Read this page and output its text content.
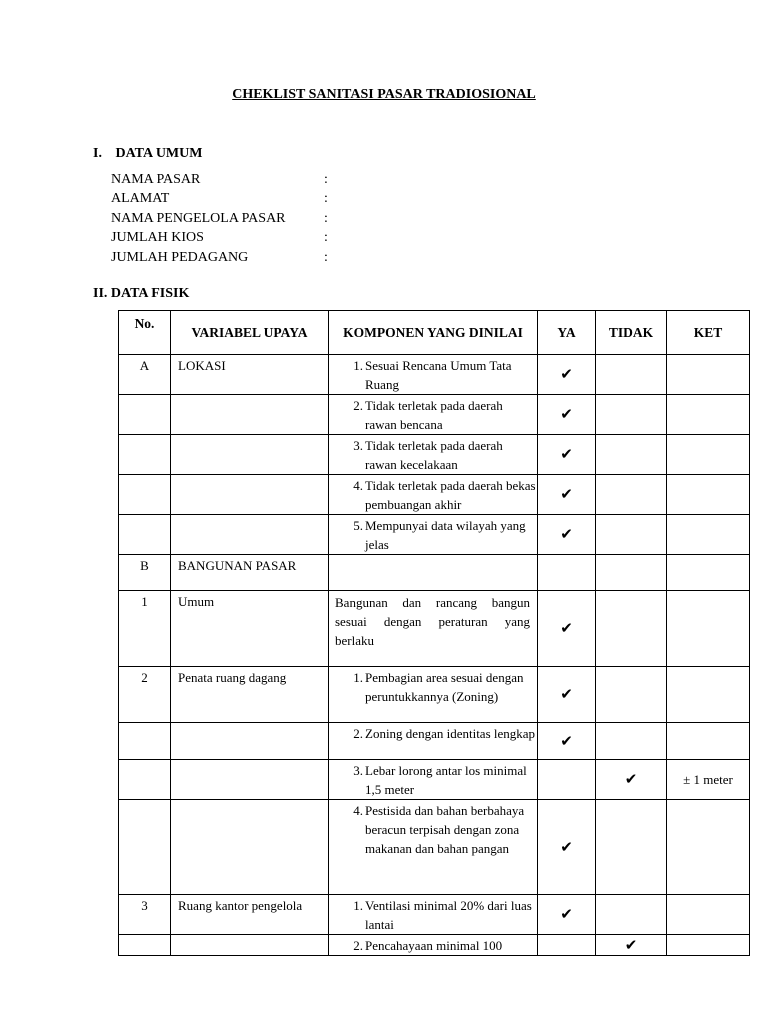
CHEKLIST SANITASI PASAR TRADIOSIONAL
I. DATA UMUM
NAMA PASAR	:
ALAMAT	:
NAMA PENGELOLA PASAR	:
JUMLAH KIOS	:
JUMLAH PEDAGANG	:
II. DATA FISIK
No.	VARIABEL UPAYA	KOMPONEN YANG DINILAI	YA	TIDAK	KET
A	LOKASI	1. Sesuai Rencana Umum Tata Ruang	✔		

		2. Tidak terletak pada daerah rawan bencana	✔		

		3. Tidak terletak pada daerah rawan kecelakaan	✔		

		4. Tidak terletak pada daerah bekas pembuangan akhir	✔		

		5. Mempunyai data wilayah yang jelas	✔		
B	BANGUNAN PASAR				
1	Umum	Bangunan dan rancang bangun sesuai dengan peraturan yang berlaku	✔		
2	Penata ruang dagang	1. Pembagian area sesuai dengan peruntukkannya (Zoning)	✔		

		2. Zoning dengan identitas lengkap	✔		

		3. Lebar lorong antar los minimal 1,5 meter		✔	± 1 meter

		4. Pestisida dan bahan berbahaya beracun terpisah dengan zona makanan dan bahan pangan	✔		
3	Ruang kantor pengelola	1. Ventilasi minimal 20% dari luas lantai	✔		

		2. Pencahayaan minimal 100		✔	
